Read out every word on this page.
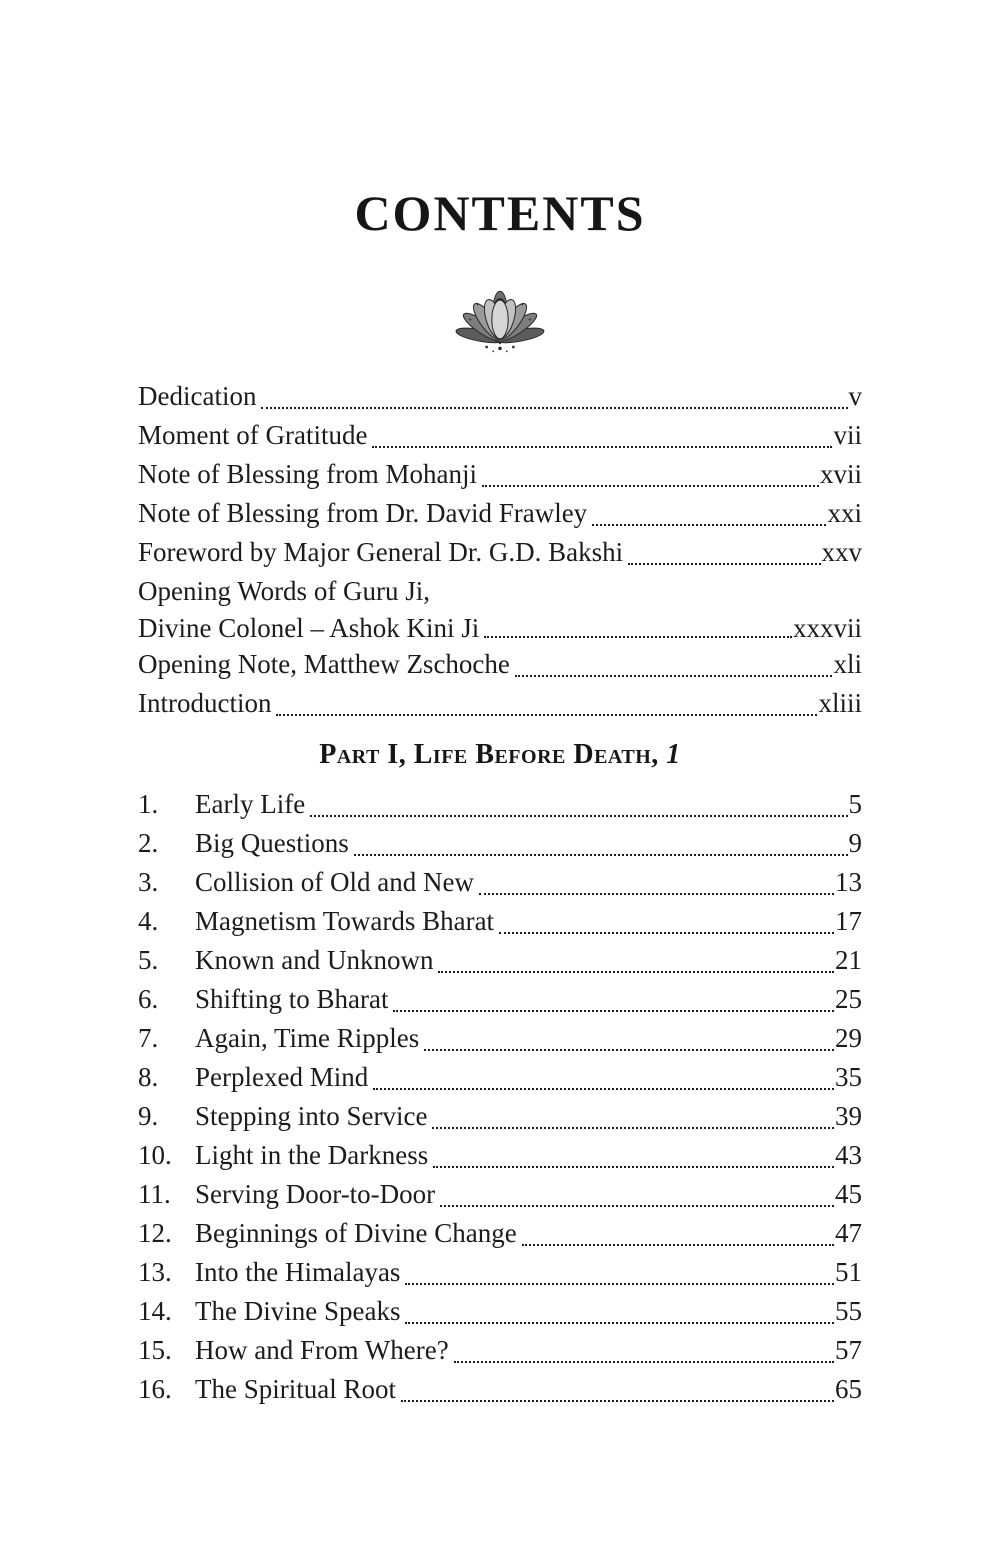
CONTENTS
Dedication	v
Moment of Gratitude	vii
Note of Blessing from Mohanji	xvii
Note of Blessing from Dr. David Frawley	xxi
Foreword by Major General Dr. G.D. Bakshi	xxv
Opening Words of Guru Ji,
Divine Colonel – Ashok Kini Ji	xxxvii
Opening Note, Matthew Zschoche	xli
Introduction	xliii
Part I, Life Before Death, 1
1.	Early Life	5
2.	Big Questions	9
3.	Collision of Old and New	13
4.	Magnetism Towards Bharat	17
5.	Known and Unknown	21
6.	Shifting to Bharat	25
7.	Again, Time Ripples	29
8.	Perplexed Mind	35
9.	Stepping into Service	39
10. Light in the Darkness	43
11. Serving Door-to-Door	45
12. Beginnings of Divine Change	47
13. Into the Himalayas	51
14. The Divine Speaks	55
15. How and From Where?	57
16. The Spiritual Root	65
